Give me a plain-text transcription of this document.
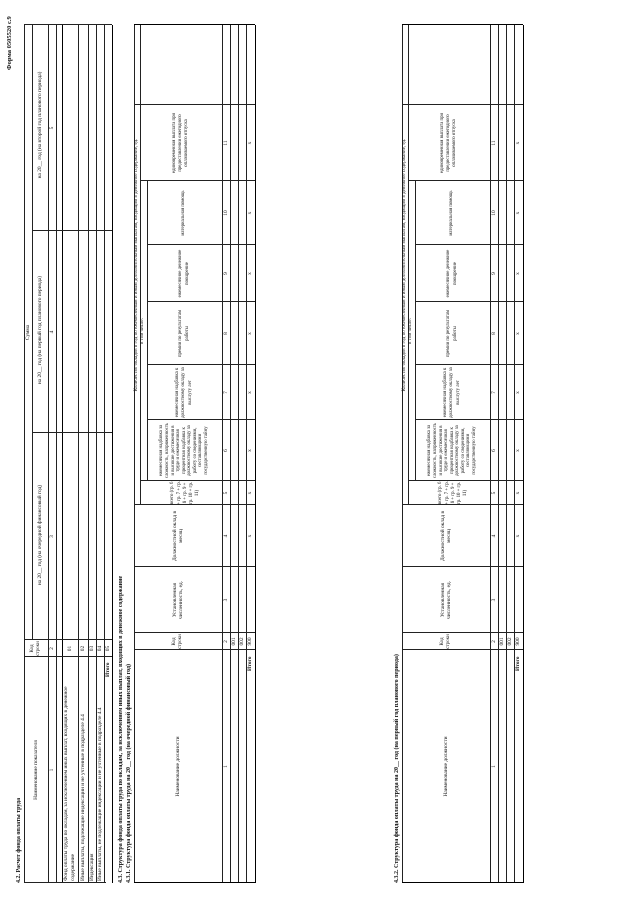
Форма 0505520 с.9
4.2. Расчет фонда оплаты труда
Наименование показателя
Код строки
Сумма
на 20__ год (на очередной финансовый год)
на 20__ год (на первый год планового периода)
на 20__ год (на второй год планового периода)
1
2
3
4
5
Фонд оплаты труда по окладам, за исключением иных выплат, входящих в денежное содержание
01
Иные выплаты, подлежащие индексации и не учтенные в подразделе 4.4
02
Индексация
03
Иные выплаты, не подлежащие индексации и не учтенные в подразделе 4.4
04
Итого
05 4.3. Структура фонда оплаты труда по окладам, за исключением иных выплат, входящих в денежное содержание 4.3.1. Структура фонда оплаты труда на 20__ год (на очередной финансовый год)	Наименование должности
Код строки
Установленная численность, ед.
Должностной оклад в месяц
Количество окладов в год по ежемесячным и иным дополнительным выплатам, входящим в денежное содержание, ед.
всего (гр. 6 + гр. 7 + гр. 8 + гр. 9 + гр. 10 + гр. 11)
в том числе:
ежемесячная надбавка за сложность, напряженность и высокие достижения в труде и ежемесячная процентная надбавка к должностному окладу за работу со сведениями, составляющими государственную тайну
ежемесячная надбавка к должностному окладу за выслугу лет
премии по результатам работы
ежемесячное денежное поощрение
материальная помощь
единовременная выплата при предоставлении ежегодного оплачиваемого отпуска
1
2
3
4
5
6
7
8
9
10
11
001 002
Итого
900
x
x
x
x
x
x
x
x
4.3.2. Структура фонда оплаты труда на 20__ год (на первый год планового периода)	Наименование должности
Код строки
Установленная численность, ед.
Должностной оклад в месяц
Количество окладов в год по ежемесячным и иным дополнительным выплатам, входящим в денежное содержание, ед.
всего (гр. 6 + гр. 7 + гр. 8 + гр. 9 + гр. 10 + гр. 11)
в том числе:
ежемесячная надбавка за сложность, напряженность и высокие достижения в труде и ежемесячная процентная надбавка к должностному окладу за работу со сведениями, составляющими государственную тайну
ежемесячная надбавка к должностному окладу за выслугу лет
премии по результатам работы
ежемесячное денежное поощрение
материальная помощь
единовременная выплата при предоставлении ежегодного оплачиваемого отпуска
1
2
3
4
5
6
7
8
9
10
11
001 002
Итого
900
x
x
x
x
x
x
x
x
